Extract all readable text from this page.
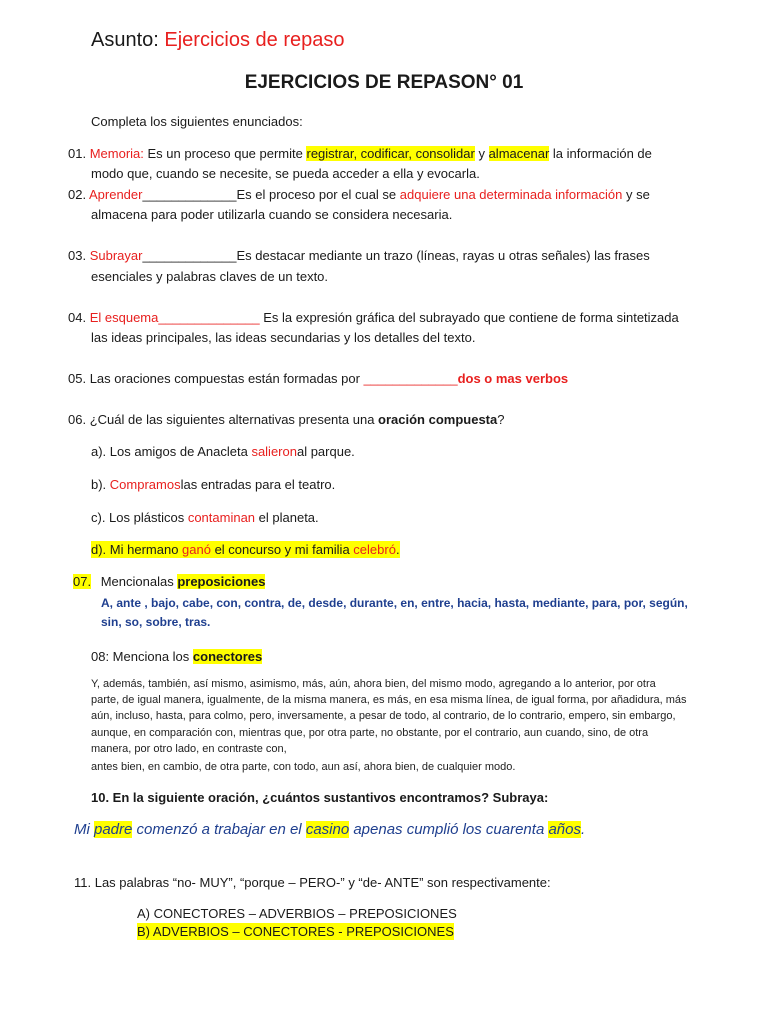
Asunto: Ejercicios de repaso
EJERCICIOS DE REPASON° 01
Completa los siguientes enunciados:
01. Memoria: Es un proceso que permite registrar, codificar, consolidar y almacenar la información de
modo que, cuando se necesite, se pueda acceder a ella y evocarla.
02. Aprender_____________Es el proceso por el cual se adquiere una determinada información y se
almacena para poder utilizarla cuando se considera necesaria.
03. Subrayar_____________Es destacar mediante un trazo (líneas, rayas u otras señales) las frases
esenciales y palabras claves de un texto.
04. El esquema______________ Es la expresión gráfica del subrayado que contiene de forma sintetizada
las ideas principales, las ideas secundarias y los detalles del texto.
05. Las oraciones compuestas están formadas por _____________dos o mas verbos
06. ¿Cuál de las siguientes alternativas presenta una oración compuesta?
a). Los amigos de Anacleta salieronal parque.
b). Compramoslas entradas para el teatro.
c). Los plásticos contaminan el planeta.
d). Mi hermano ganó el concurso y mi familia celebró.
07. Mencionalas preposiciones
A, ante , bajo, cabe, con, contra, de, desde, durante, en, entre, hacia, hasta, mediante, para, por, según,
sin, so, sobre, tras.
08: Menciona los conectores
Y, además, también, así mismo, asimismo, más, aún, ahora bien, del mismo modo, agregando a lo anterior, por otra
parte, de igual manera, igualmente, de la misma manera, es más, en esa misma línea, de igual forma, por añadidura, más
aún, incluso, hasta, para colmo, pero, inversamente, a pesar de todo, al contrario, de lo contrario, empero, sin embargo,
aunque, en comparación con, mientras que, por otra parte, no obstante, por el contrario, aun cuando, sino, de otra
manera, por otro lado, en contraste con,
antes bien, en cambio, de otra parte, con todo, aun así, ahora bien, de cualquier modo.
10. En la siguiente oración, ¿cuántos sustantivos encontramos? Subraya:
Mi padre comenzó a trabajar en el casino apenas cumplió los cuarenta años.
11. Las palabras “no- MUY”, “porque – PERO-” y “de- ANTE” son respectivamente:
A) CONECTORES – ADVERBIOS – PREPOSICIONES
B) ADVERBIOS – CONECTORES - PREPOSICIONES
